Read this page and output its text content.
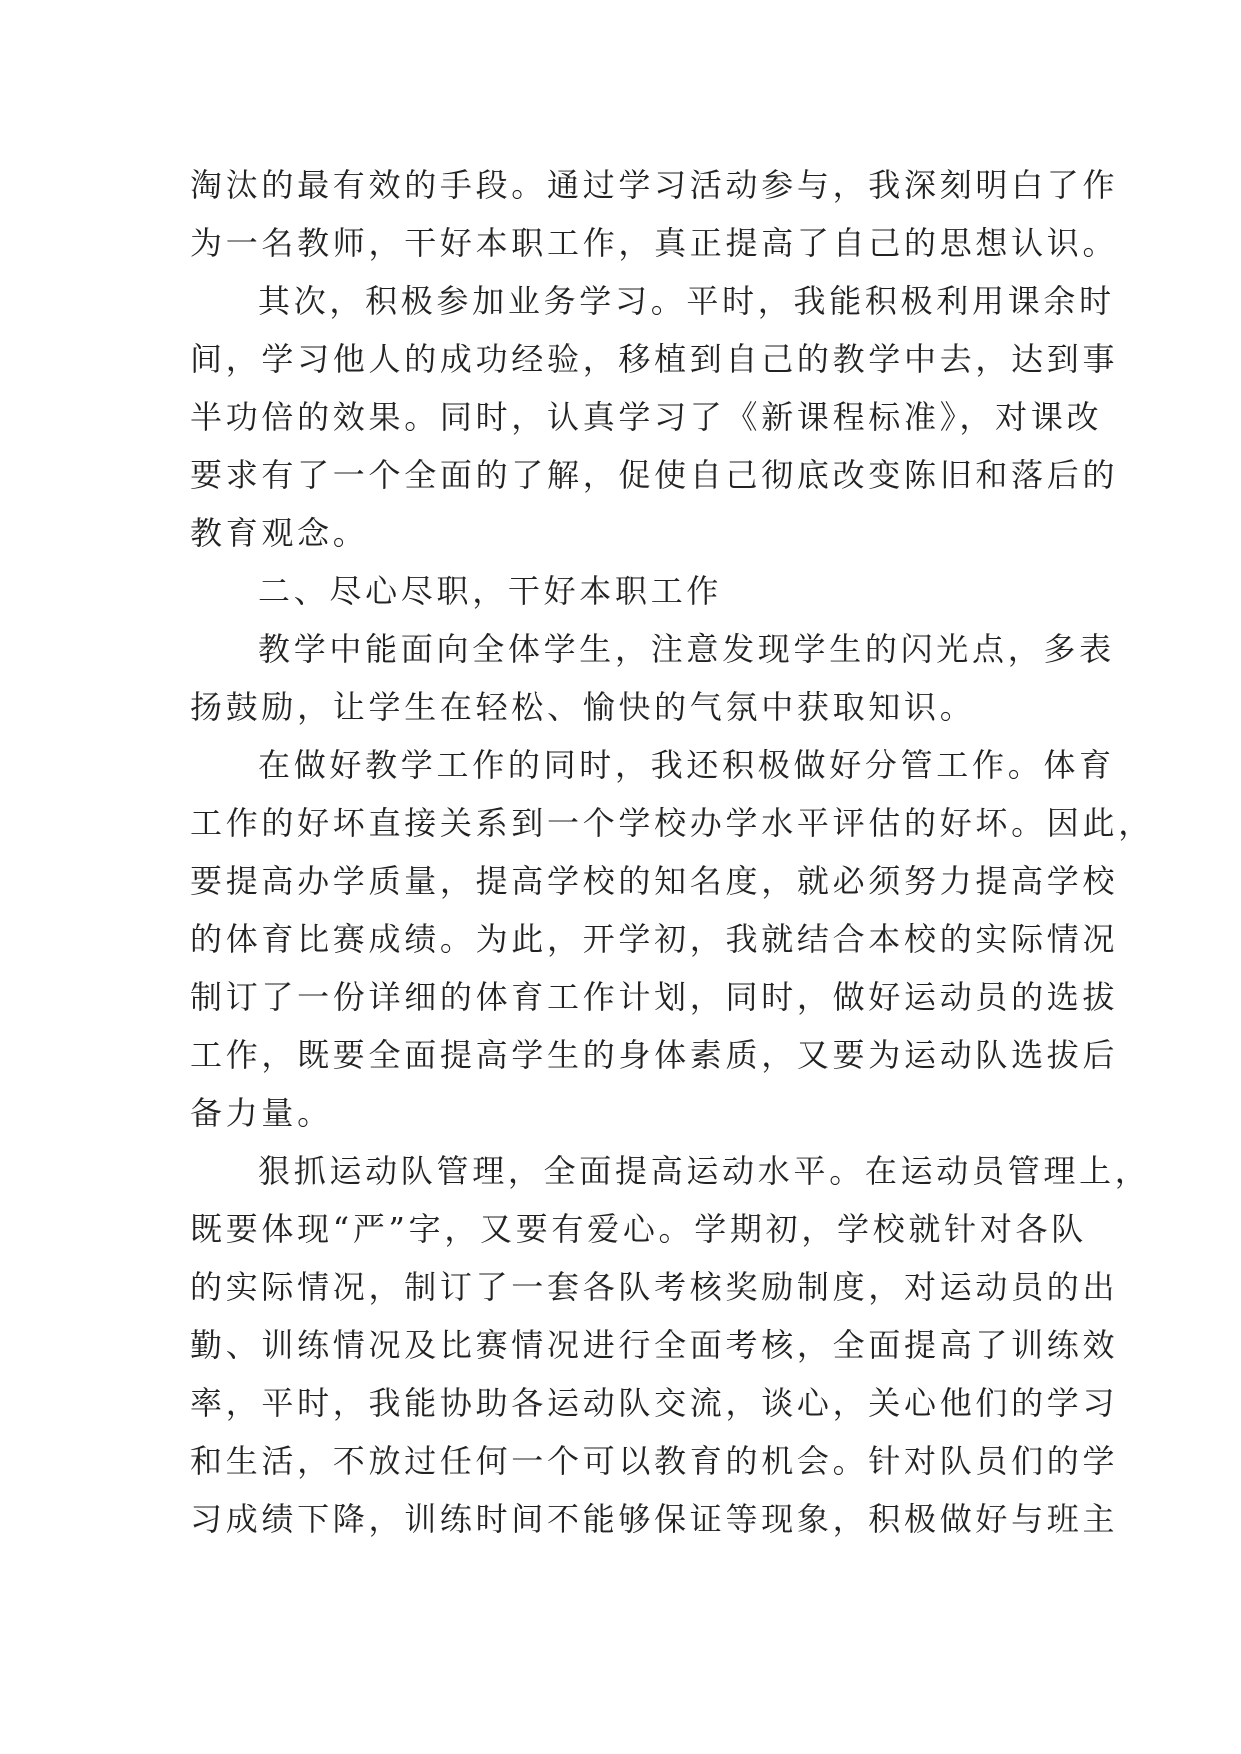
淘汰的最有效的手段。通过学习活动参与，我深刻明白了作
为一名教师，干好本职工作，真正提高了自己的思想认识。
其次，积极参加业务学习。平时，我能积极利用课余时
间，学习他人的成功经验，移植到自己的教学中去，达到事
半功倍的效果。同时，认真学习了《新课程标准》，对课改
要求有了一个全面的了解，促使自己彻底改变陈旧和落后的
教育观念。
二、尽心尽职，干好本职工作
教学中能面向全体学生，注意发现学生的闪光点，多表
扬鼓励，让学生在轻松、愉快的气氛中获取知识。
在做好教学工作的同时，我还积极做好分管工作。体育
工作的好坏直接关系到一个学校办学水平评估的好坏。因此，
要提高办学质量，提高学校的知名度，就必须努力提高学校
的体育比赛成绩。为此，开学初，我就结合本校的实际情况
制订了一份详细的体育工作计划，同时，做好运动员的选拔
工作，既要全面提高学生的身体素质，又要为运动队选拔后
备力量。
狠抓运动队管理，全面提高运动水平。在运动员管理上，
既要体现“严”字，又要有爱心。学期初，学校就针对各队
的实际情况，制订了一套各队考核奖励制度，对运动员的出
勤、训练情况及比赛情况进行全面考核，全面提高了训练效
率，平时，我能协助各运动队交流，谈心，关心他们的学习
和生活，不放过任何一个可以教育的机会。针对队员们的学
习成绩下降，训练时间不能够保证等现象，积极做好与班主
